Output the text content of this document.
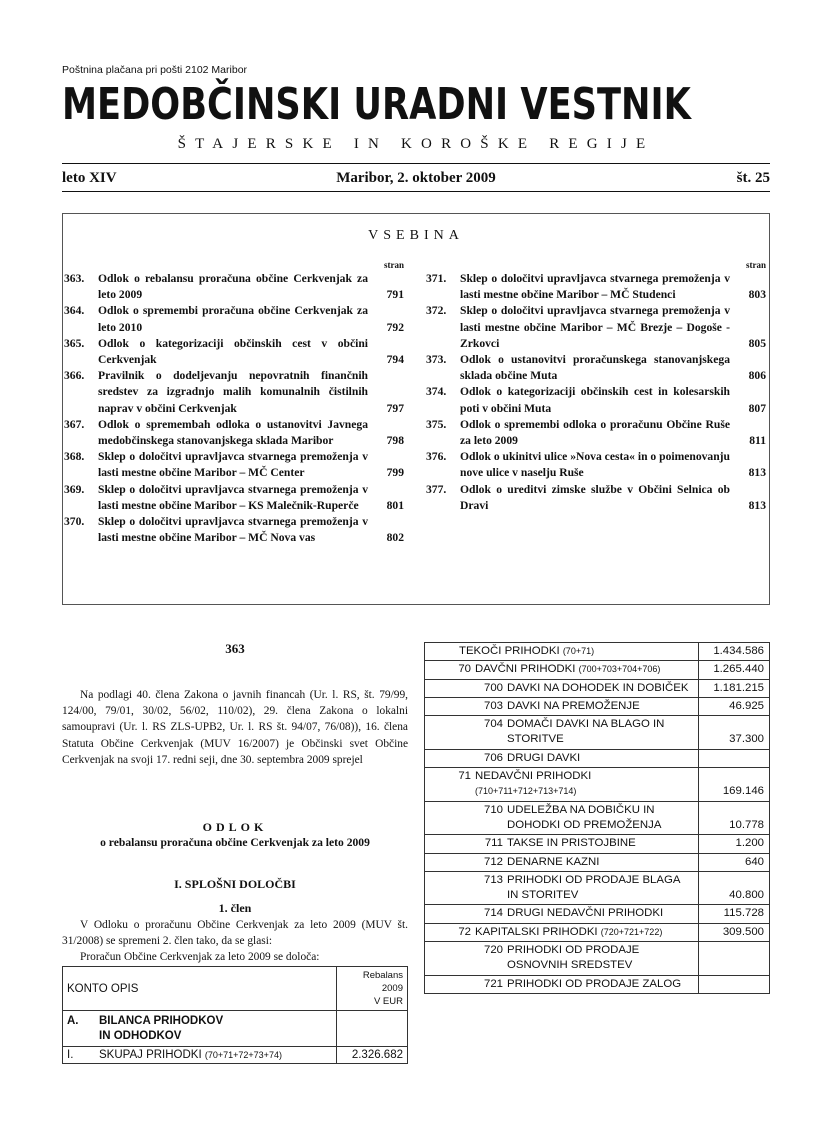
Poštnina plačana pri pošti 2102 Maribor
MEDOBČINSKI URADNI VESTNIK
ŠTAJERSKE IN KOROŠKE REGIJE
leto XIV	Maribor, 2. oktober 2009	št. 25
VSEBINA
stran
363.	Odlok o rebalansu proračuna občine Cerkvenjak za leto 2009	791
364.	Odlok o spremembi proračuna občine Cerkvenjak za leto 2010	792
365.	Odlok o kategorizaciji občinskih cest v občini Cerkvenjak	794
366.	Pravilnik o dodeljevanju nepovratnih finančnih sredstev za izgradnjo malih komunalnih čistilnih naprav v občini Cerkvenjak	797
367.	Odlok o spremembah odloka o ustanovitvi Javnega medobčinskega stanovanjskega sklada Maribor	798
368.	Sklep o določitvi upravljavca stvarnega premoženja v lasti mestne občine Maribor – MČ Center	799
369.	Sklep o določitvi upravljavca stvarnega premoženja v lasti mestne občine Maribor – KS Malečnik-Ruperče	801
370.	Sklep o določitvi upravljavca stvarnega premoženja v lasti mestne občine Maribor – MČ Nova vas	802
stran
371.	Sklep o določitvi upravljavca stvarnega premoženja v lasti mestne občine Maribor – MČ Studenci	803
372.	Sklep o določitvi upravljavca stvarnega premoženja v lasti mestne občine Maribor – MČ Brezje – Dogoše - Zrkovci	805
373.	Odlok o ustanovitvi proračunskega stanovanjskega sklada občine Muta	806
374.	Odlok o kategorizaciji občinskih cest in kolesarskih poti v občini Muta	807
375.	Odlok o spremembi odloka o proračunu Občine Ruše za leto 2009	811
376.	Odlok o ukinitvi ulice »Nova cesta« in o poimenovanju nove ulice v naselju Ruše	813
377.	Odlok o ureditvi zimske službe v Občini Selnica ob Dravi	813
363
Na podlagi 40. člena Zakona o javnih financah (Ur. l. RS, št. 79/99, 124/00, 79/01, 30/02, 56/02, 110/02), 29. člena Zakona o lokalni samoupravi (Ur. l. RS ZLS-UPB2, Ur. l. RS št. 94/07, 76/08)), 16. člena Statuta Občine Cerkvenjak (MUV 16/2007) je Občinski svet Občine Cerkvenjak na svoji 17. redni seji, dne 30. septembra 2009 sprejel
ODLOK
o rebalansu proračuna občine Cerkvenjak za leto 2009
I. SPLOŠNI DOLOČBI
1. člen
V Odloku o proračunu Občine Cerkvenjak za leto 2009 (MUV št. 31/2008) se spremeni 2. člen tako, da se glasi:
Proračun Občine Cerkvenjak za leto 2009 se določa:
KONTO OPIS	Rebalans 2009
V EUR

A. BILANCA PRIHODKOV
IN ODHODKOV	
I. SKUPAJ PRIHODKI (70+71+72+73+74)	2.326.682
TEKOČI PRIHODKI (70+71)	1.434.586

70 DAVČNI PRIHODKI (700+703+704+706)	1.265.440

700 DAVKI NA DOHODEK IN DOBIČEK	1.181.215

703 DAVKI NA PREMOŽENJE	46.925

704 DOMAČI DAVKI NA BLAGO IN STORITVE	37.300

706 DRUGI DAVKI	

71 NEDAVČNI PRIHODKI
(710+711+712+713+714)	169.146

710 UDELEŽBA NA DOBIČKU IN DOHODKI OD PREMOŽENJA	10.778

711 TAKSE IN PRISTOJBINE	1.200

712 DENARNE KAZNI	640

713 PRIHODKI OD PRODAJE BLAGA IN STORITEV	40.800

714 DRUGI NEDAVČNI PRIHODKI	115.728

72 KAPITALSKI PRIHODKI (720+721+722)	309.500

720 PRIHODKI OD PRODAJE OSNOVNIH SREDSTEV	

721 PRIHODKI OD PRODAJE ZALOG	
